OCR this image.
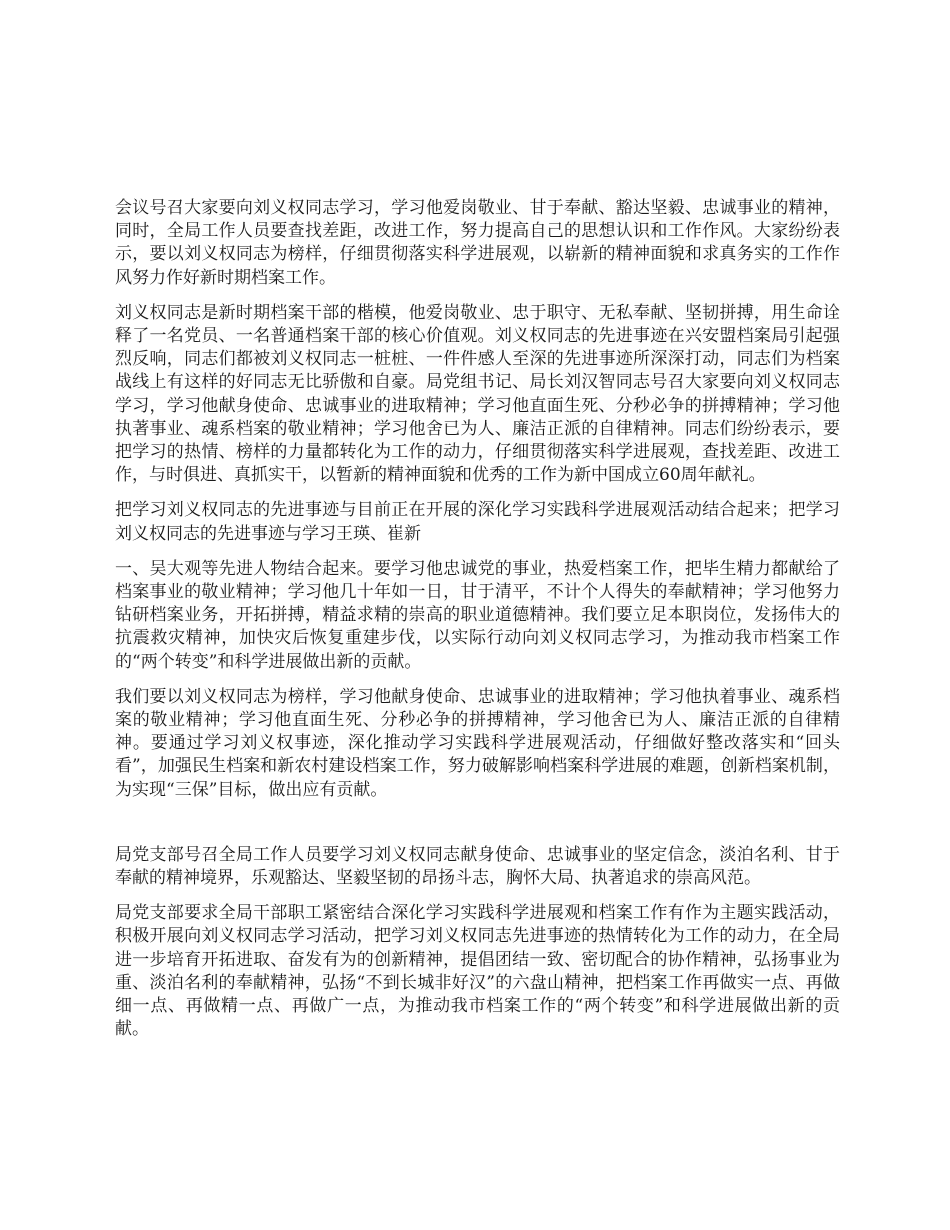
会议号召大家要向刘义权同志学习，学习他爱岗敬业、甘于奉献、豁达坚毅、忠诚事业的精神，同时，全局工作人员要查找差距，改进工作，努力提高自己的思想认识和工作作风。大家纷纷表示，要以刘义权同志为榜样，仔细贯彻落实科学进展观，以崭新的精神面貌和求真务实的工作作风努力作好新时期档案工作。

刘义权同志是新时期档案干部的楷模，他爱岗敬业、忠于职守、无私奉献、坚韧拼搏，用生命诠释了一名党员、一名普通档案干部的核心价值观。刘义权同志的先进事迹在兴安盟档案局引起强烈反响，同志们都被刘义权同志一桩桩、一件件感人至深的先进事迹所深深打动，同志们为档案战线上有这样的好同志无比骄傲和自豪。局党组书记、局长刘汉智同志号召大家要向刘义权同志学习，学习他献身使命、忠诚事业的进取精神；学习他直面生死、分秒必争的拼搏精神；学习他执著事业、魂系档案的敬业精神；学习他舍已为人、廉洁正派的自律精神。同志们纷纷表示，要把学习的热情、榜样的力量都转化为工作的动力，仔细贯彻落实科学进展观，查找差距、改进工作，与时俱进、真抓实干，以暂新的精神面貌和优秀的工作为新中国成立60周年献礼。

把学习刘义权同志的先进事迹与目前正在开展的深化学习实践科学进展观活动结合起来；把学习刘义权同志的先进事迹与学习王瑛、崔新

一、吴大观等先进人物结合起来。要学习他忠诚党的事业，热爱档案工作，把毕生精力都献给了档案事业的敬业精神；学习他几十年如一日，甘于清平，不计个人得失的奉献精神；学习他努力钻研档案业务，开拓拼搏，精益求精的崇高的职业道德精神。我们要立足本职岗位，发扬伟大的抗震救灾精神，加快灾后恢复重建步伐，以实际行动向刘义权同志学习，为推动我市档案工作的“两个转变”和科学进展做出新的贡献。

我们要以刘义权同志为榜样，学习他献身使命、忠诚事业的进取精神；学习他执着事业、魂系档案的敬业精神；学习他直面生死、分秒必争的拼搏精神，学习他舍已为人、廉洁正派的自律精神。要通过学习刘义权事迹，深化推动学习实践科学进展观活动，仔细做好整改落实和“回头看”，加强民生档案和新农村建设档案工作，努力破解影响档案科学进展的难题，创新档案机制，为实现“三保”目标，做出应有贡献。

局党支部号召全局工作人员要学习刘义权同志献身使命、忠诚事业的坚定信念，淡泊名利、甘于奉献的精神境界，乐观豁达、坚毅坚韧的昂扬斗志，胸怀大局、执著追求的崇高风范。

局党支部要求全局干部职工紧密结合深化学习实践科学进展观和档案工作有作为主题实践活动，积极开展向刘义权同志学习活动，把学习刘义权同志先进事迹的热情转化为工作的动力，在全局进一步培育开拓进取、奋发有为的创新精神，提倡团结一致、密切配合的协作精神，弘扬事业为重、淡泊名利的奉献精神，弘扬“不到长城非好汉”的六盘山精神，把档案工作再做实一点、再做细一点、再做精一点、再做广一点，为推动我市档案工作的“两个转变”和科学进展做出新的贡献。
